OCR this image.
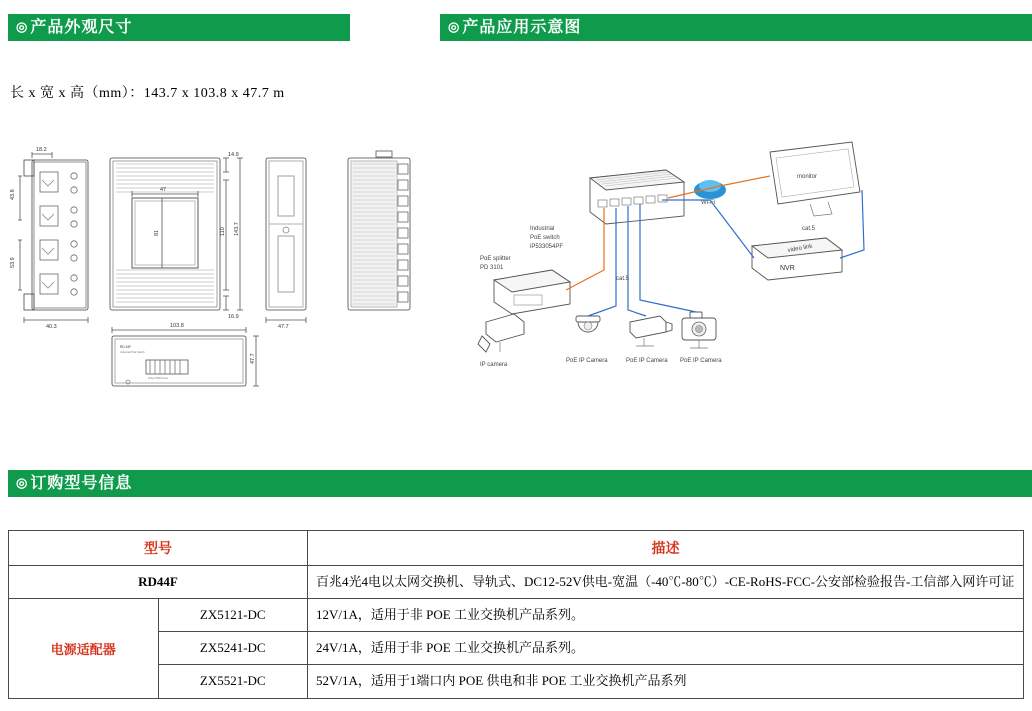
◎ 产品外观尺寸	◎ 产品应用示意图
◎ 订购型号信息
长 x 宽 x 高（mm）：143.7 x 103.8 x 47.7 m
18.2
43.8
53.9
40.3
47
81
14.9
110 143.7
16.9
47.7
RD 44F
Industrial PoE Switch
Power PWR Reset
103.8
47.7
Industrial
PoE switch
iP533054PF
Wi-Fi
monitor
cat.5
NVR
video link
PoE splitter
PD 3101
IP camera
PoE IP Camera	PoE IP Camera PoE IP Camera
cat.5
型号		描述
RD44F		百兆4光4电以太网交换机、导轨式、DC12-52V供电-宽温（-40℃-80℃）-CE-RoHS-FCC-公安部检验报告-工信部入网许可证
电源适配器	ZX5121-DC	12V/1A，适用于非 POE 工业交换机产品系列。
	ZX5241-DC	24V/1A，适用于非 POE 工业交换机产品系列。
	ZX5521-DC	52V/1A，适用于1端口内 POE 供电和非 POE 工业交换机产品系列
